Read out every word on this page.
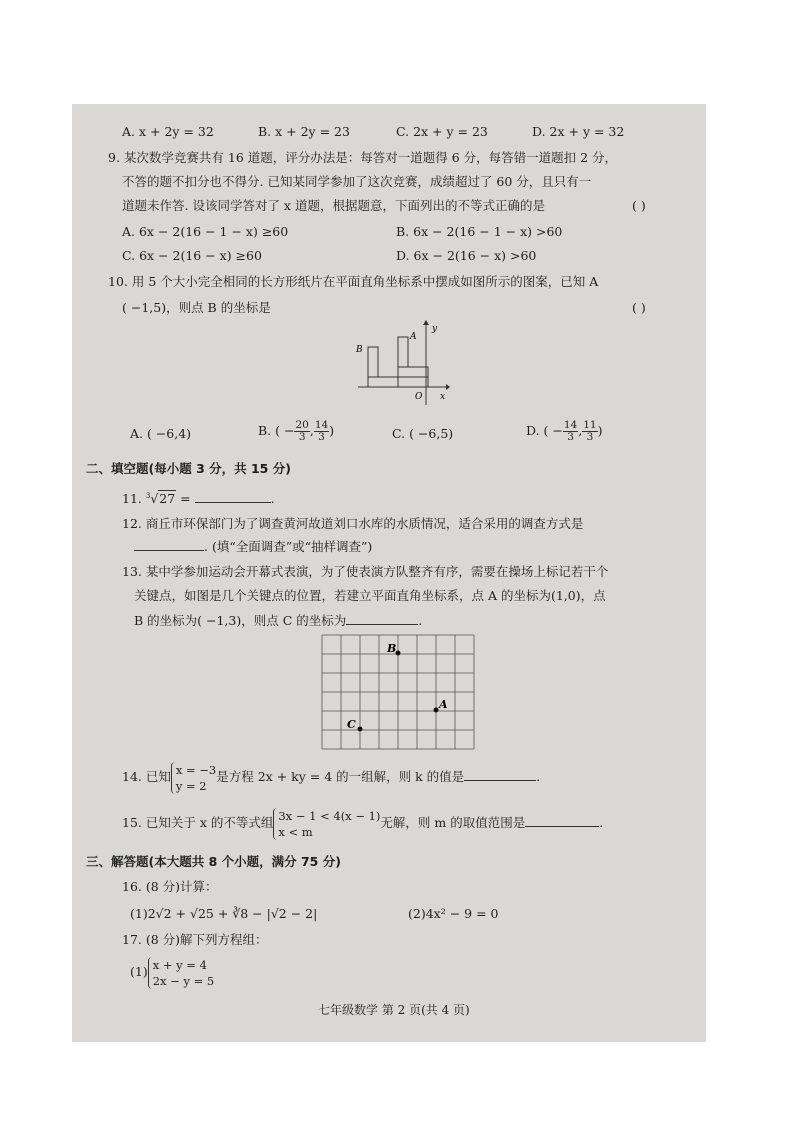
A. x + 2y = 32	B. x + 2y = 23	C. 2x + y = 23	D. 2x + y = 32
9. 某次数学竞赛共有 16 道题，评分办法是：每答对一道题得 6 分，每答错一道题扣 2 分，
不答的题不扣分也不得分. 已知某同学参加了这次竞赛，成绩超过了 60 分，且只有一
道题未作答. 设该同学答对了 x 道题，根据题意，下面列出的不等式正确的是	( )
A. 6x − 2(16 − 1 − x) ≥60	B. 6x − 2(16 − 1 − x) >60
C. 6x − 2(16 − x) ≥60	D. 6x − 2(16 − x) >60
10. 用 5 个大小完全相同的长方形纸片在平面直角坐标系中摆成如图所示的图案，已知 A
( −1,5)，则点 B 的坐标是	( )
B
A
y
O x
A. ( −6,4)	B. ( − $\frac{20}{3}$ , $\frac{14}{3}$ )	C. ( −6,5)	D. ( − $\frac{14}{3}$ , $\frac{11}{3}$ )
二、填空题(每小题 3 分，共 15 分)
11. $^3$√27 =	.
12. 商丘市环保部门为了调查黄河故道刘口水库的水质情况，适合采用的调查方式是
. (填“全面调查”或“抽样调查”)
13. 某中学参加运动会开幕式表演，为了使表演方队整齐有序，需要在操场上标记若干个
关键点，如图是几个关键点的位置，若建立平面直角坐标系，点 A 的坐标为(1,0)，点
B 的坐标为( −1,3)，则点 C 的坐标为	.
B
A
C
14. 已知 x = −3
y = 2
是方程 2x + ky = 4 的一组解，则 k 的值是	.
15. 已知关于 x 的不等式组 3x − 1 < 4(x − 1)
x < m
无解，则 m 的取值范围是	.
三、解答题(本大题共 8 个小题，满分 75 分)
16. (8 分)计算：
(1)2√2 + √25 + ∛8 − |√2 − 2|	(2)4x² − 9 = 0
17. (8 分)解下列方程组：
(1) x + y = 4
2x − y = 5
七年级数学 第 2 页(共 4 页)
